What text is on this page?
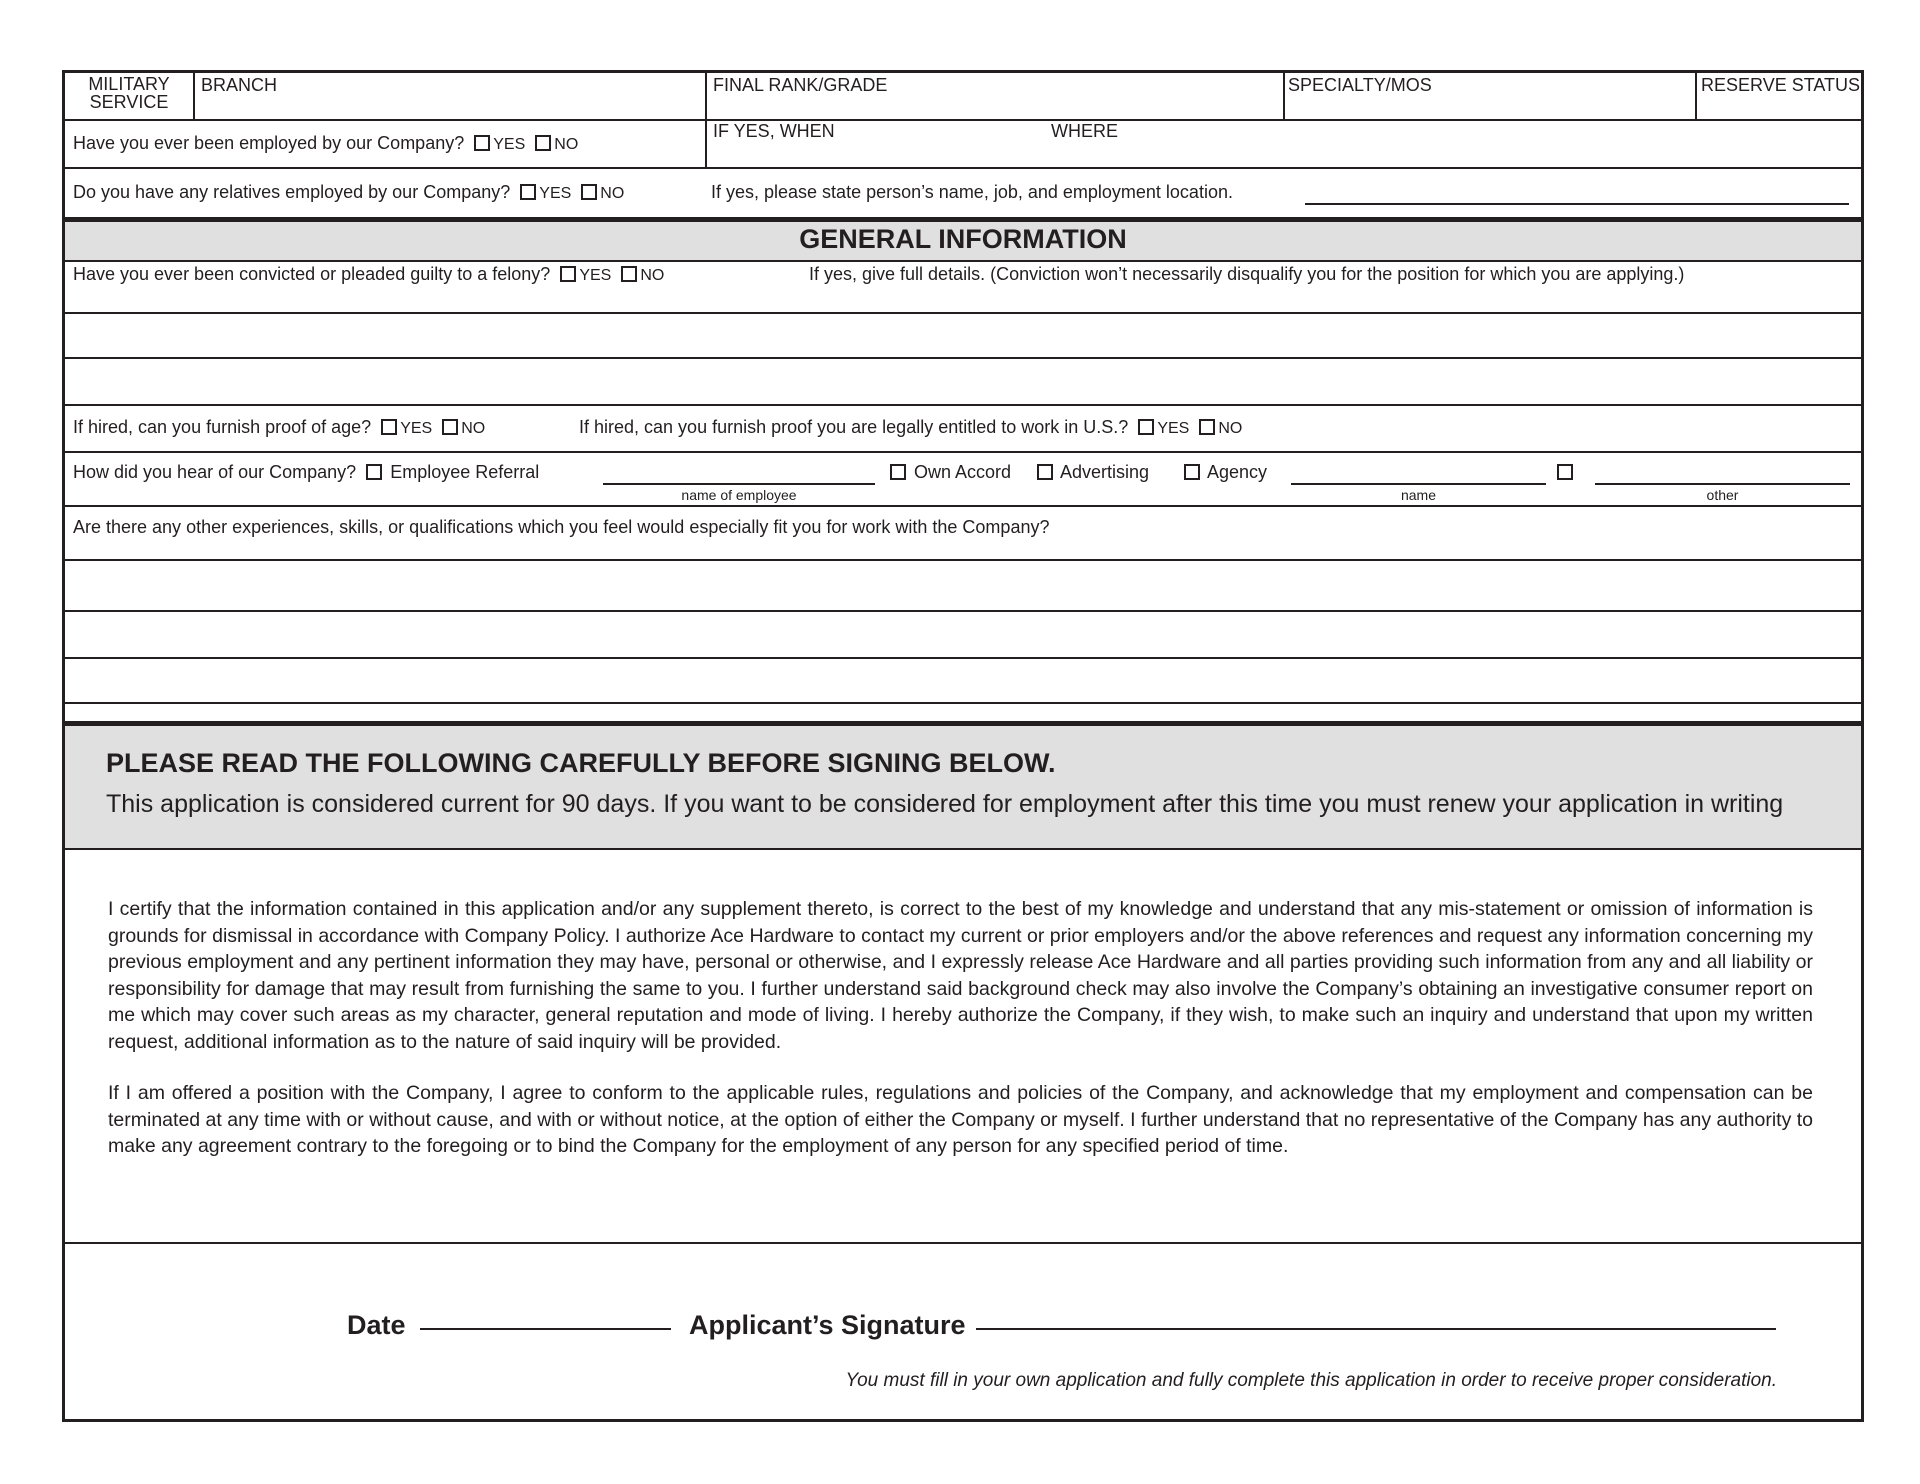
MILITARY
SERVICE
BRANCH	FINAL RANK/GRADE	SPECIALTY/MOS	RESERVE STATUS
Have you ever been employed by our Company? YES NO
IF YES, WHEN	WHERE
Do you have any relatives employed by our Company? YES NO	If yes, please state person’s name, job, and employment location.
GENERAL INFORMATION
Have you ever been convicted or pleaded guilty to a felony? YES NO	If yes, give full details. (Conviction won’t necessarily disqualify you for the position for which you are applying.)
If hired, can you furnish proof of age? YES NO	If hired, can you furnish proof you are legally entitled to work in U.S.? YES NO
How did you hear of our Company? Employee Referral
name of employee
Own Accord	Advertising	Agency
name	other
Are there any other experiences, skills, or qualifications which you feel would especially fit you for work with the Company?
PLEASE READ THE FOLLOWING CAREFULLY BEFORE SIGNING BELOW.
This application is considered current for 90 days. If you want to be considered for employment after this time you must renew your application in writing

I certify that the information contained in this application and/or any supplement thereto, is correct to the best of my knowledge and understand that any mis-statement or omission of information is grounds for dismissal in accordance with Company Policy. I authorize Ace Hardware to contact my current or prior employers and/or the above references and request any information concerning my previous employment and any pertinent information they may have, personal or otherwise, and I expressly release Ace Hardware and all parties providing such information from any and all liability or responsibility for damage that may result from furnishing the same to you. I further understand said background check may also involve the Company’s obtaining an investigative consumer report on me which may cover such areas as my character, general reputation and mode of living. I hereby authorize the Company, if they wish, to make such an inquiry and understand that upon my written request, additional information as to the nature of said inquiry will be provided.

If I am offered a position with the Company, I agree to conform to the applicable rules, regulations and policies of the Company, and acknowledge that my employment and compensation can be terminated at any time with or without cause, and with or without notice, at the option of either the Company or myself. I further understand that no representative of the Company has any authority to make any agreement contrary to the foregoing or to bind the Company for the employment of any person for any specified period of time.

Date	Applicant’s Signature
You must fill in your own application and fully complete this application in order to receive proper consideration.
